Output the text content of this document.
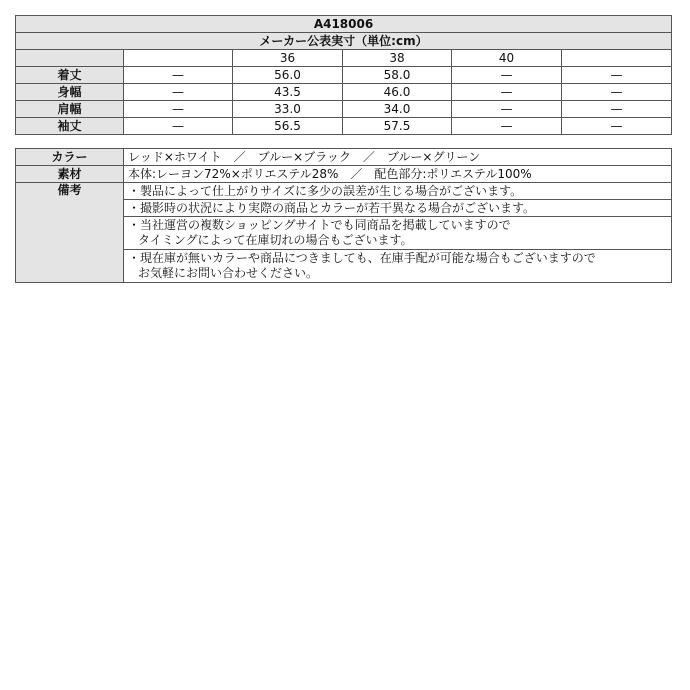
A418006					
メーカー公表実寸（単位:cm）					
		36	38	40	
着丈	—	56.0	58.0	—	—
身幅	—	43.5	46.0	—	—
肩幅	—	33.0	34.0	—	—
袖丈	—	56.5	57.5	—	—
カラー	レッド×ホワイト　／　ブルー×ブラック　／　ブルー×グリーン
素材	本体:レーヨン72%×ポリエステル28%　／　配色部分:ポリエステル100%
備考	・製品によって仕上がりサイズに多少の誤差が生じる場合がございます。

	・撮影時の状況により実際の商品とカラーが若干異なる場合がございます。

	・当社運営の複数ショッピングサイトでも同商品を掲載していますので
タイミングによって在庫切れの場合もございます。

	・現在庫が無いカラーや商品につきましても、在庫手配が可能な場合もございますので
お気軽にお問い合わせください。
